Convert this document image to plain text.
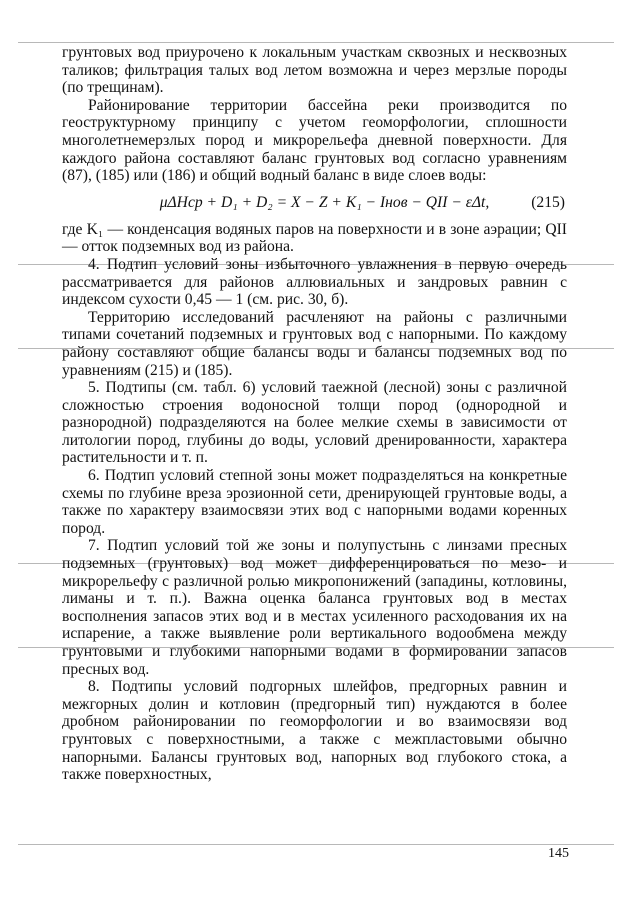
грунтовых вод приурочено к локальным участкам сквозных и несквозных таликов; фильтрация талых вод летом возможна и через мерзлые породы (по трещинам).

Районирование территории бассейна реки производится по геоструктурному принципу с учетом геоморфологии, сплошности многолетнемерзлых пород и микрорельефа дневной поверхности. Для каждого района составляют баланс грунтовых вод согласно уравнениям (87), (185) или (186) и общий водный баланс в виде слоев воды:

μΔHср + D₁ + D₂ = X − Z + K₁ − Iнов − QII − εΔt,	(215)

где K₁ — конденсация водяных паров на поверхности и в зоне аэрации; QII — отток подземных вод из района.

4. Подтип условий зоны избыточного увлажнения в первую очередь рассматривается для районов аллювиальных и зандровых равнин с индексом сухости 0,45 — 1 (см. рис. 30, б).

Территорию исследований расчленяют на районы с различными типами сочетаний подземных и грунтовых вод с напорными. По каждому району составляют общие балансы воды и балансы подземных вод по уравнениям (215) и (185).

5. Подтипы (см. табл. 6) условий таежной (лесной) зоны с различной сложностью строения водоносной толщи пород (однородной и разнородной) подразделяются на более мелкие схемы в зависимости от литологии пород, глубины до воды, условий дренированности, характера растительности и т. п.

6. Подтип условий степной зоны может подразделяться на конкретные схемы по глубине вреза эрозионной сети, дренирующей грунтовые воды, а также по характеру взаимосвязи этих вод с напорными водами коренных пород.

7. Подтип условий той же зоны и полупустынь с линзами пресных подземных (грунтовых) вод может дифференцироваться по мезо- и микрорельефу с различной ролью микропонижений (западины, котловины, лиманы и т. п.). Важна оценка баланса грунтовых вод в местах восполнения запасов этих вод и в местах усиленного расходования их на испарение, а также выявление роли вертикального водообмена между грунтовыми и глубокими напорными водами в формировании запасов пресных вод.

8. Подтипы условий подгорных шлейфов, предгорных равнин и межгорных долин и котловин (предгорный тип) нуждаются в более дробном районировании по геоморфологии и во взаимосвязи вод грунтовых с поверхностными, а также с межпластовыми обычно напорными. Балансы грунтовых вод, напорных вод глубокого стока, а также поверхностных,

145
